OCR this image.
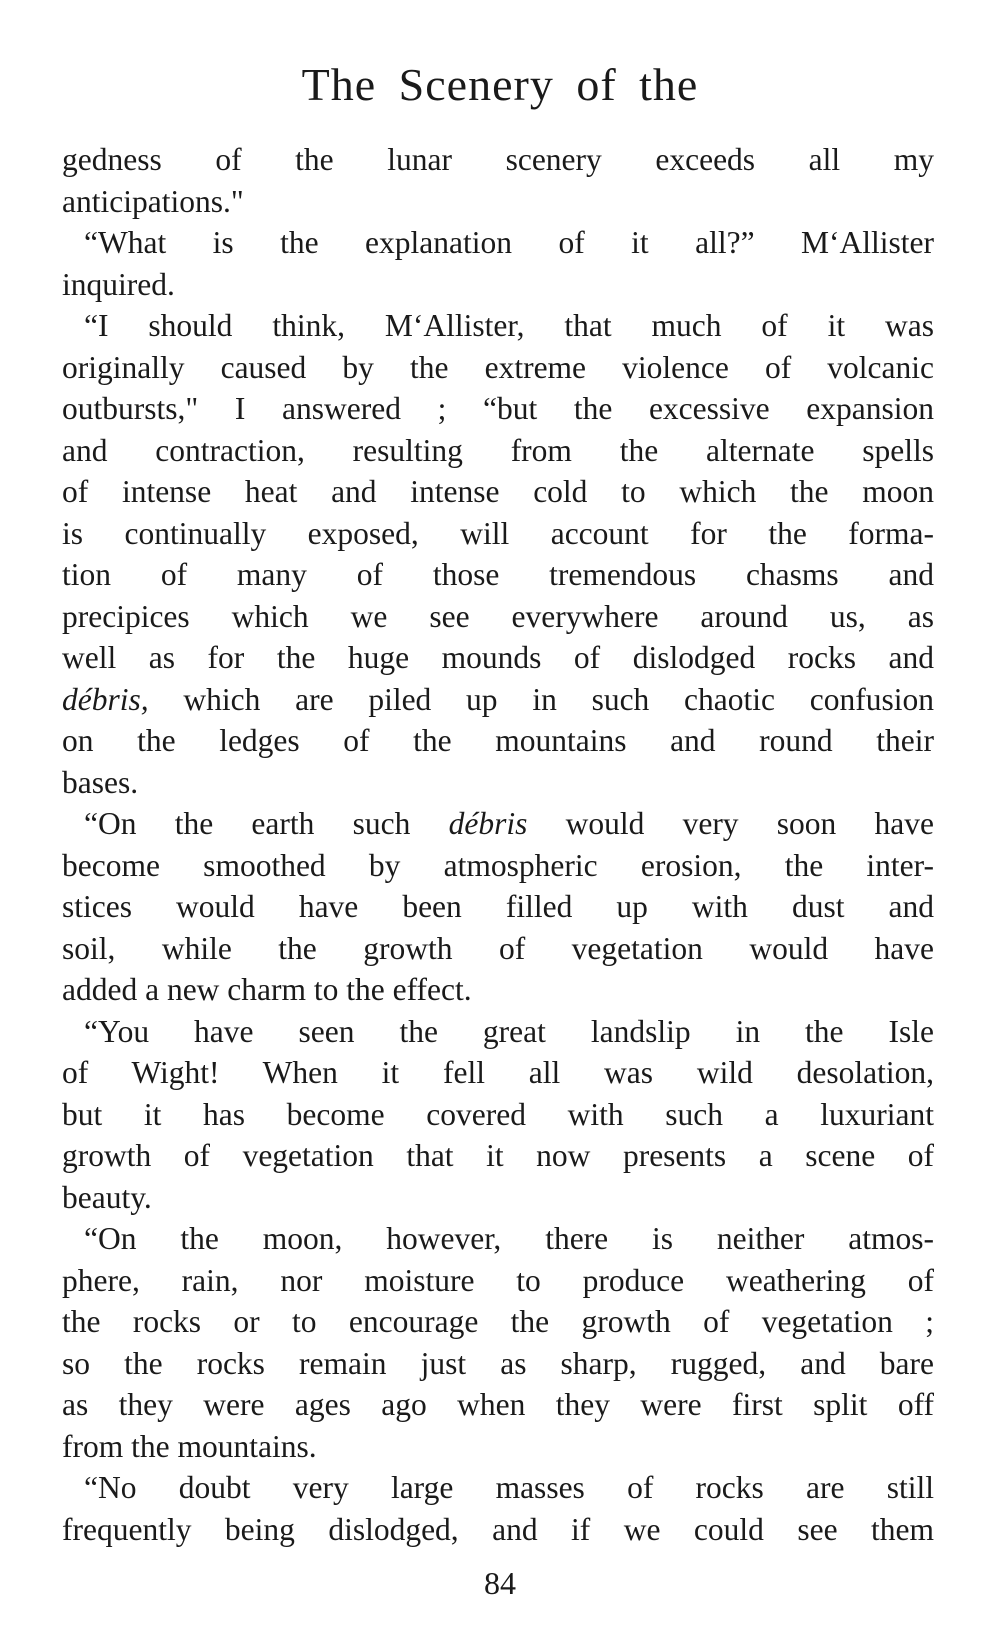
The Scenery of the
gedness of the lunar scenery exceeds all my
anticipations."
“What is the explanation of it all?” M‘Allister
inquired.
“I should think, M‘Allister, that much of it was
originally caused by the extreme violence of volcanic
outbursts," I answered ; “but the excessive expansion
and contraction, resulting from the alternate spells
of intense heat and intense cold to which the moon
is continually exposed, will account for the forma-
tion of many of those tremendous chasms and
precipices which we see everywhere around us, as
well as for the huge mounds of dislodged rocks and
débris, which are piled up in such chaotic confusion
on the ledges of the mountains and round their
bases.
“On the earth such débris would very soon have
become smoothed by atmospheric erosion, the inter-
stices would have been filled up with dust and
soil, while the growth of vegetation would have
added a new charm to the effect.
“You have seen the great landslip in the Isle
of Wight! When it fell all was wild desolation,
but it has become covered with such a luxuriant
growth of vegetation that it now presents a scene of
beauty.
“On the moon, however, there is neither atmos-
phere, rain, nor moisture to produce weathering of
the rocks or to encourage the growth of vegetation ;
so the rocks remain just as sharp, rugged, and bare
as they were ages ago when they were first split off
from the mountains.
“No doubt very large masses of rocks are still
frequently being dislodged, and if we could see them
84
